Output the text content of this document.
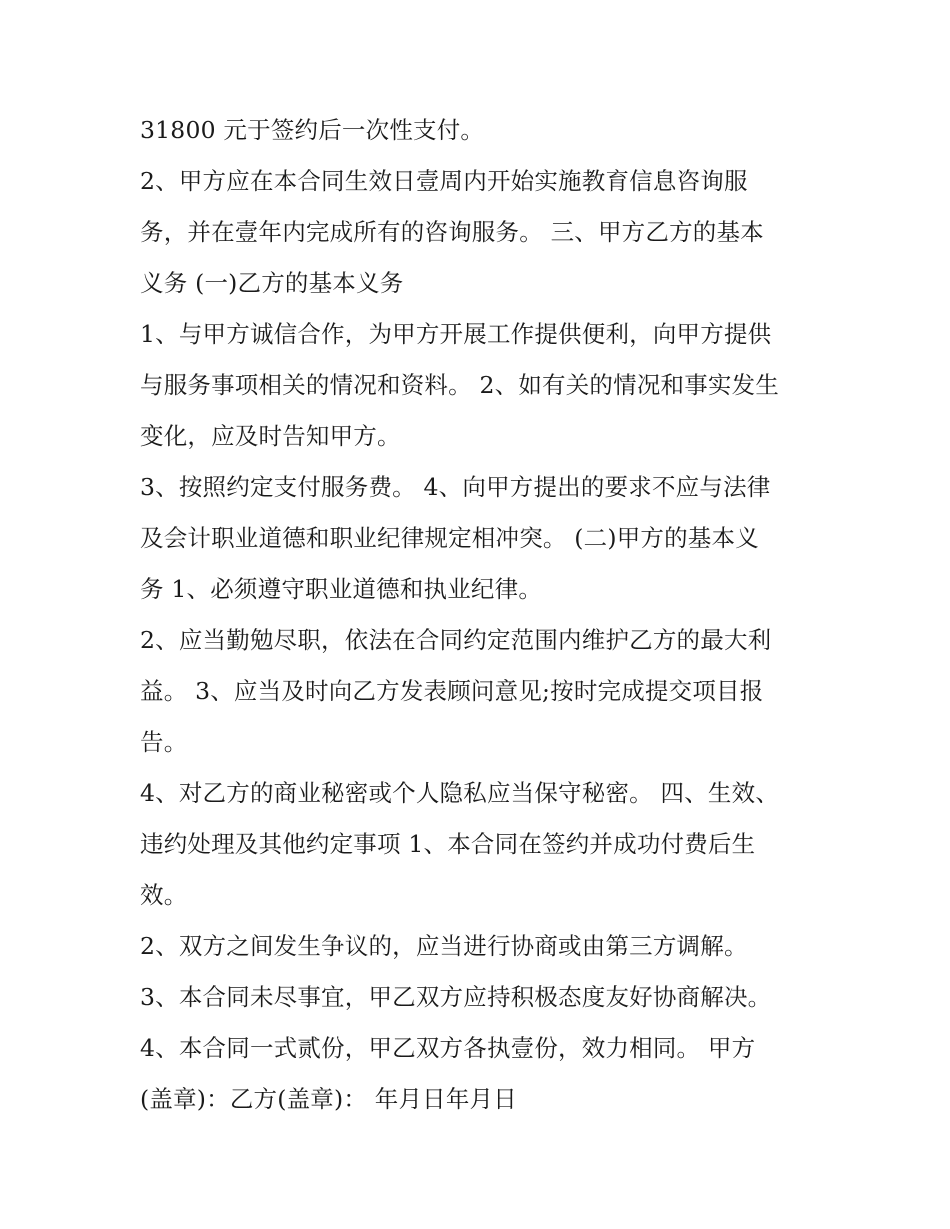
31800 元于签约后一次性支付。
2、甲方应在本合同生效日壹周内开始实施教育信息咨询服
务，并在壹年内完成所有的咨询服务。 三、甲方乙方的基本
义务 (一)乙方的基本义务
1、与甲方诚信合作，为甲方开展工作提供便利，向甲方提供
与服务事项相关的情况和资料。 2、如有关的情况和事实发生
变化，应及时告知甲方。
3、按照约定支付服务费。 4、向甲方提出的要求不应与法律
及会计职业道德和职业纪律规定相冲突。 (二)甲方的基本义
务 1、必须遵守职业道德和执业纪律。
2、应当勤勉尽职，依法在合同约定范围内维护乙方的最大利
益。 3、应当及时向乙方发表顾问意见;按时完成提交项目报
告。
4、对乙方的商业秘密或个人隐私应当保守秘密。 四、生效、
违约处理及其他约定事项 1、本合同在签约并成功付费后生
效。
2、双方之间发生争议的，应当进行协商或由第三方调解。
3、本合同未尽事宜，甲乙双方应持积极态度友好协商解决。
4、本合同一式贰份，甲乙双方各执壹份，效力相同。 甲方
(盖章)：乙方(盖章)： 年月日年月日
